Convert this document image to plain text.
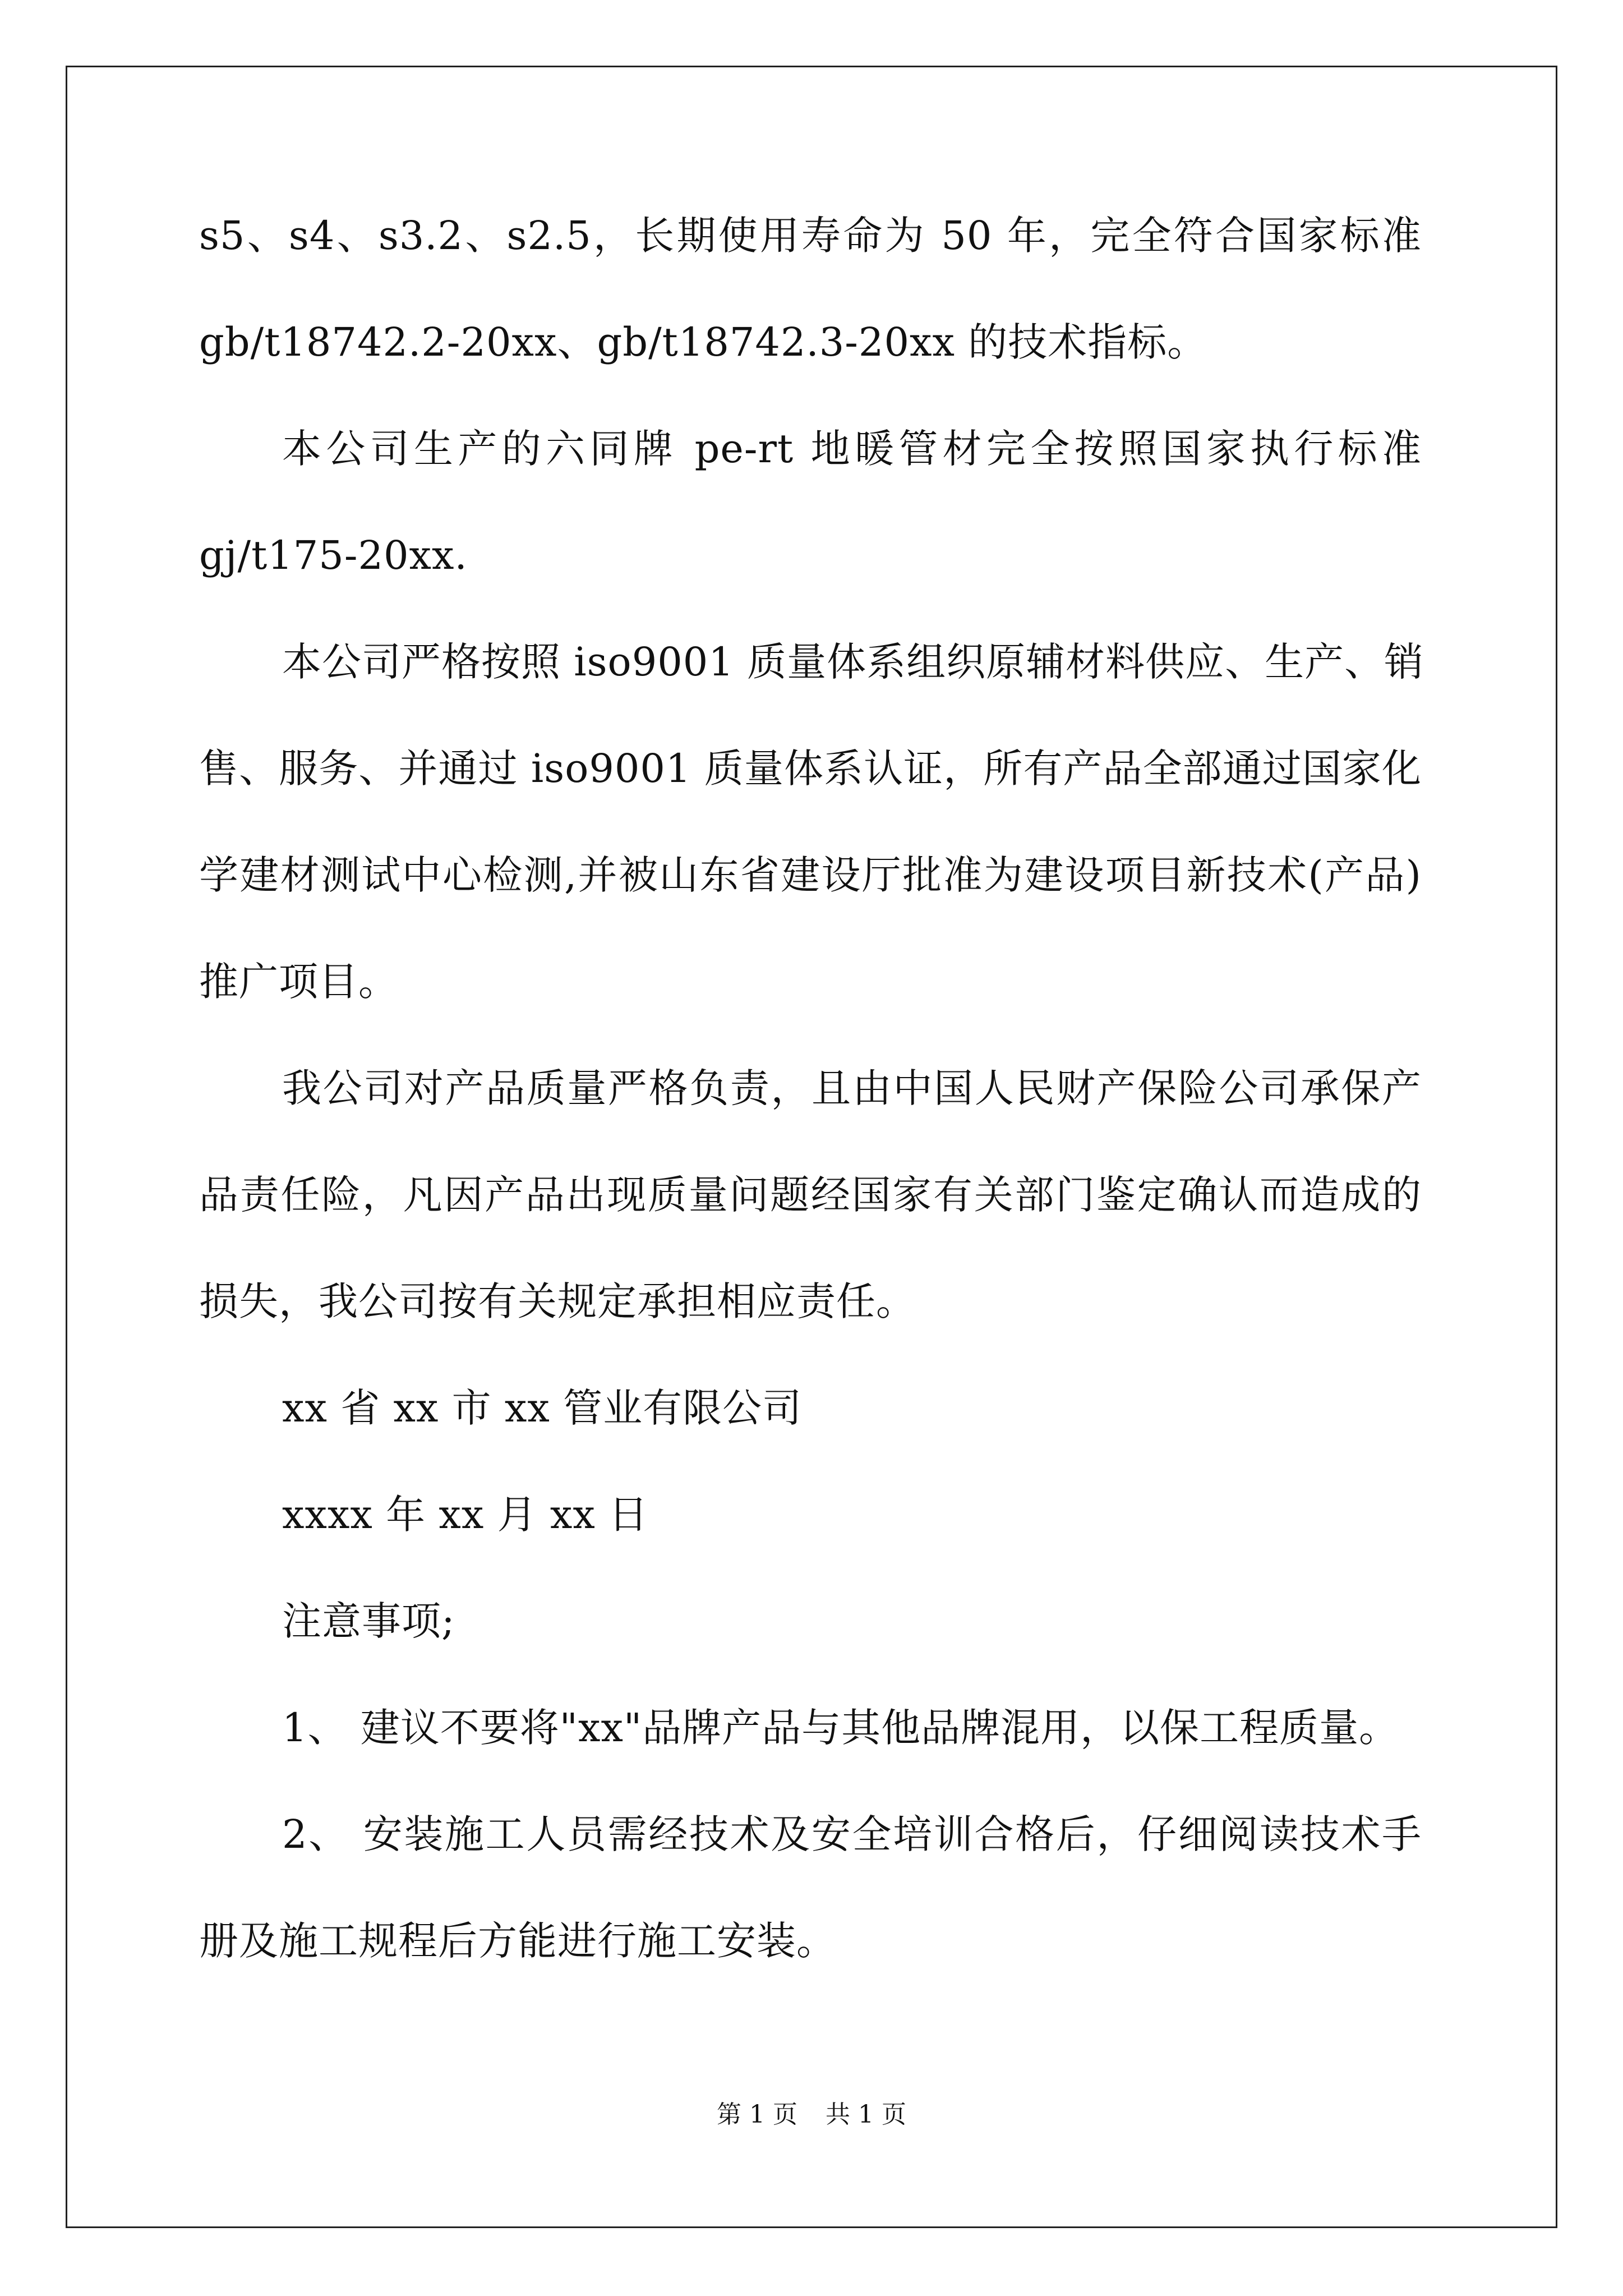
s5、s4、s3.2、s2.5，长期使用寿命为 50 年，完全符合国家标准
gb/t18742.2-20xx、gb/t18742.3-20xx 的技术指标。
本公司生产的六同牌 pe-rt 地暖管材完全按照国家执行标准
gj/t175-20xx.
本公司严格按照 iso9001 质量体系组织原辅材料供应、生产、销
售、服务、并通过 iso9001 质量体系认证，所有产品全部通过国家化
学建材测试中心检测,并被山东省建设厅批准为建设项目新技术(产品)
推广项目。
我公司对产品质量严格负责，且由中国人民财产保险公司承保产
品责任险，凡因产品出现质量问题经国家有关部门鉴定确认而造成的
损失，我公司按有关规定承担相应责任。
xx 省 xx 市 xx 管业有限公司
xxxx 年 xx 月 xx 日
注意事项;
1、 建议不要将"xx"品牌产品与其他品牌混用，以保工程质量。
2、 安装施工人员需经技术及安全培训合格后，仔细阅读技术手
册及施工规程后方能进行施工安装。
第 1 页 共 1 页
